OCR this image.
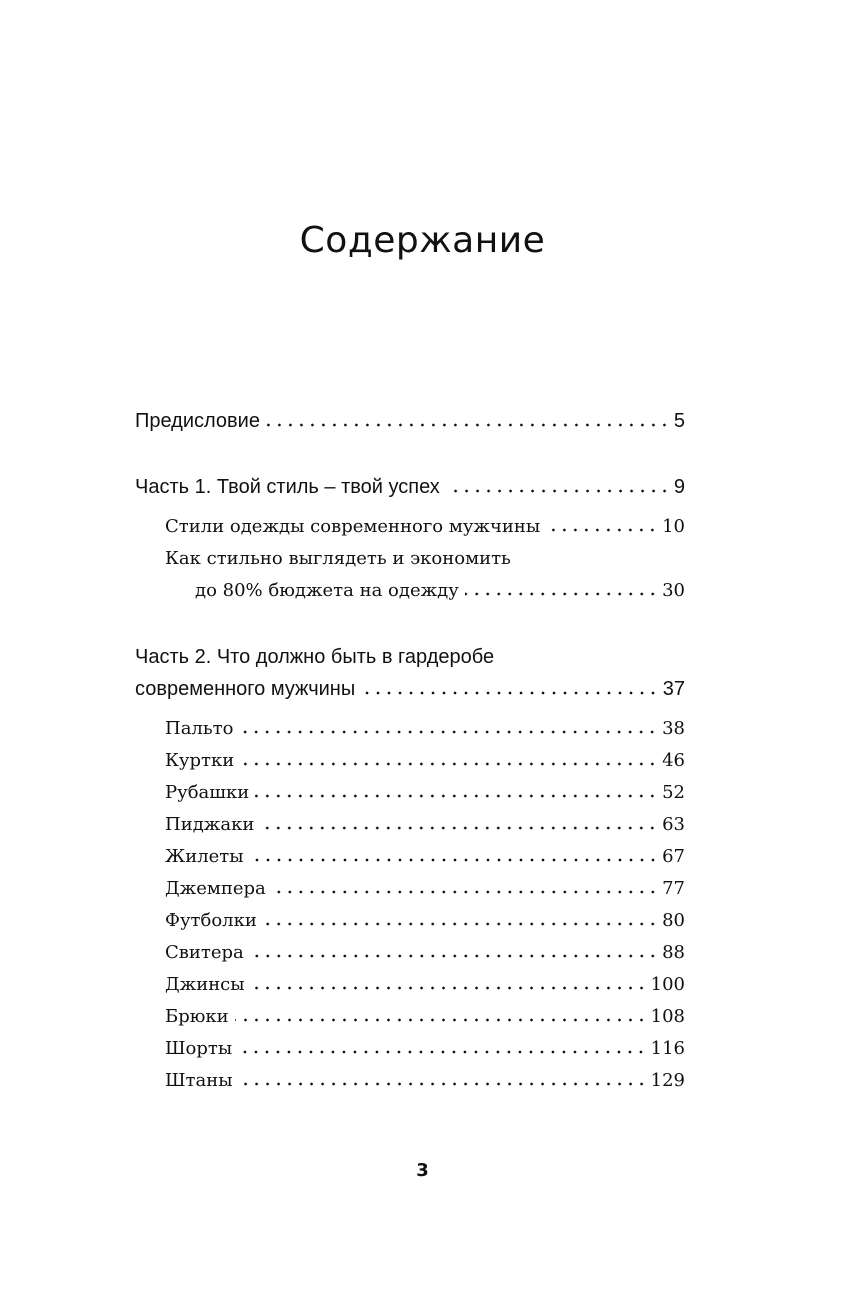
Содержание
Предисловие	5
Часть 1. Твой стиль – твой успех	9
Стили одежды современного мужчины	10
Как стильно выглядеть и экономить
до 80% бюджета на одежду	30
Часть 2. Что должно быть в гардеробе
современного мужчины	37
Пальто	38
Куртки	46
Рубашки	52
Пиджаки	63
Жилеты	67
Джемпера	77
Футболки	80
Свитера	88
Джинсы	100
Брюки	108
Шорты	116
Штаны	129
3
